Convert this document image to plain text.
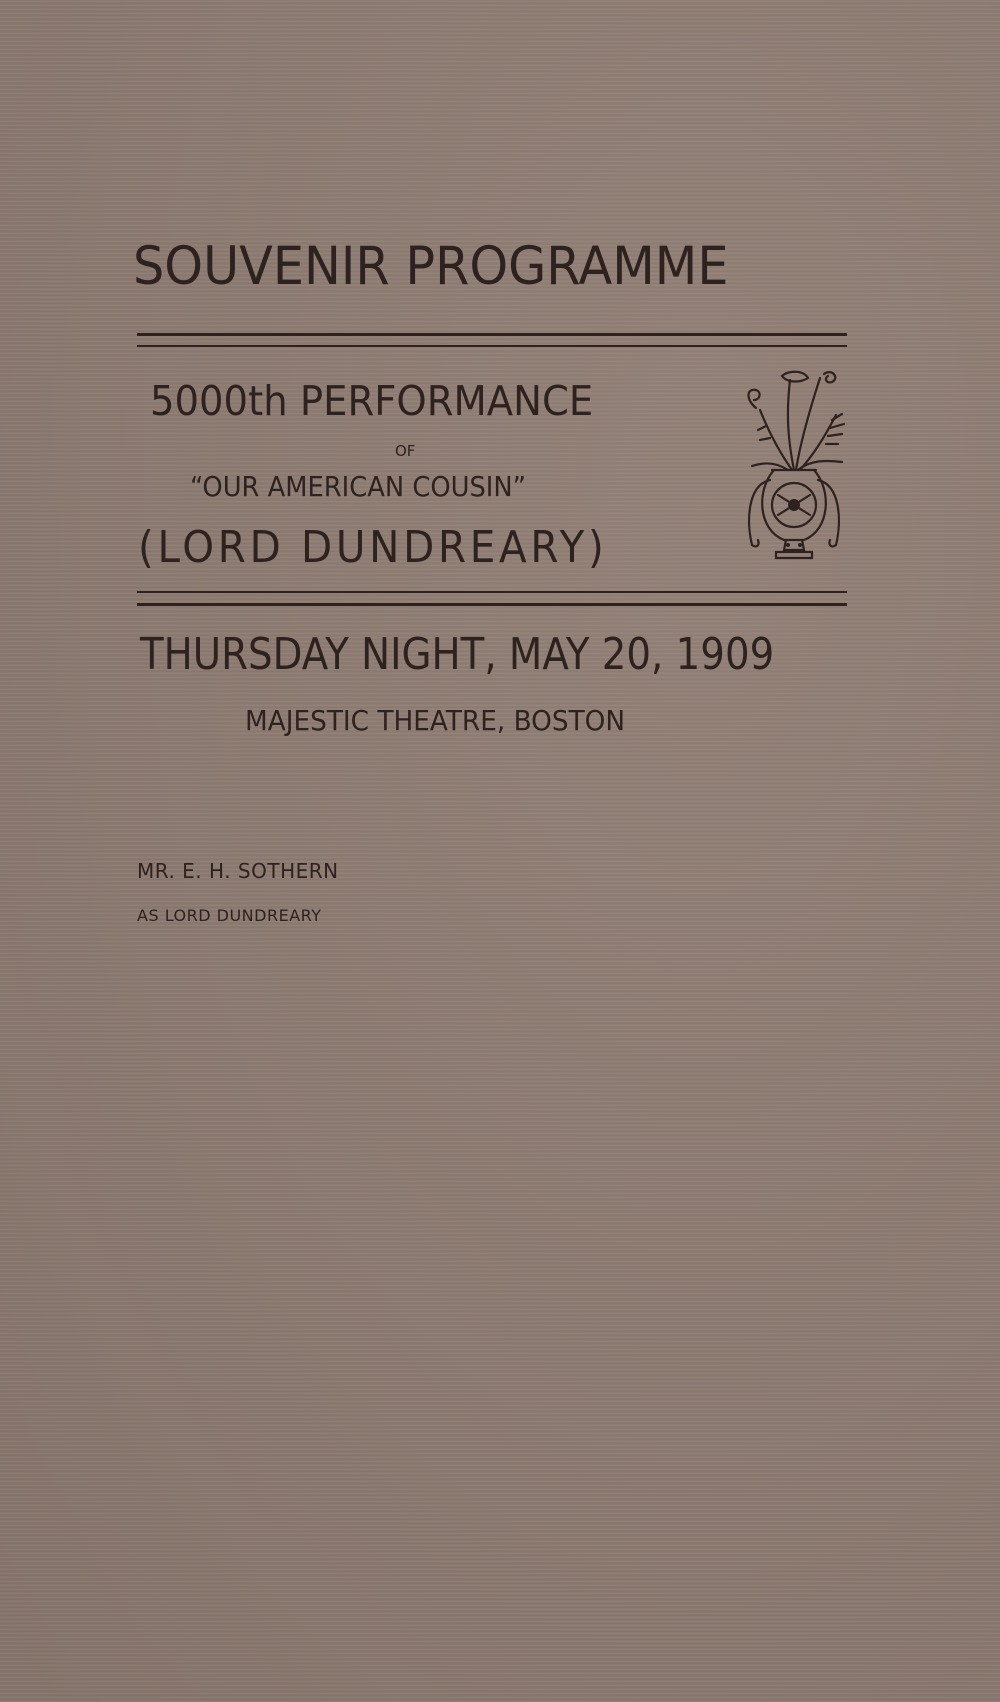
SOUVENIR PROGRAMME
5000th PERFORMANCE
OF
“OUR AMERICAN COUSIN”
(LORD DUNDREARY)
THURSDAY NIGHT, MAY 20, 1909
MAJESTIC THEATRE, BOSTON
MR. E. H. SOTHERN
AS LORD DUNDREARY
